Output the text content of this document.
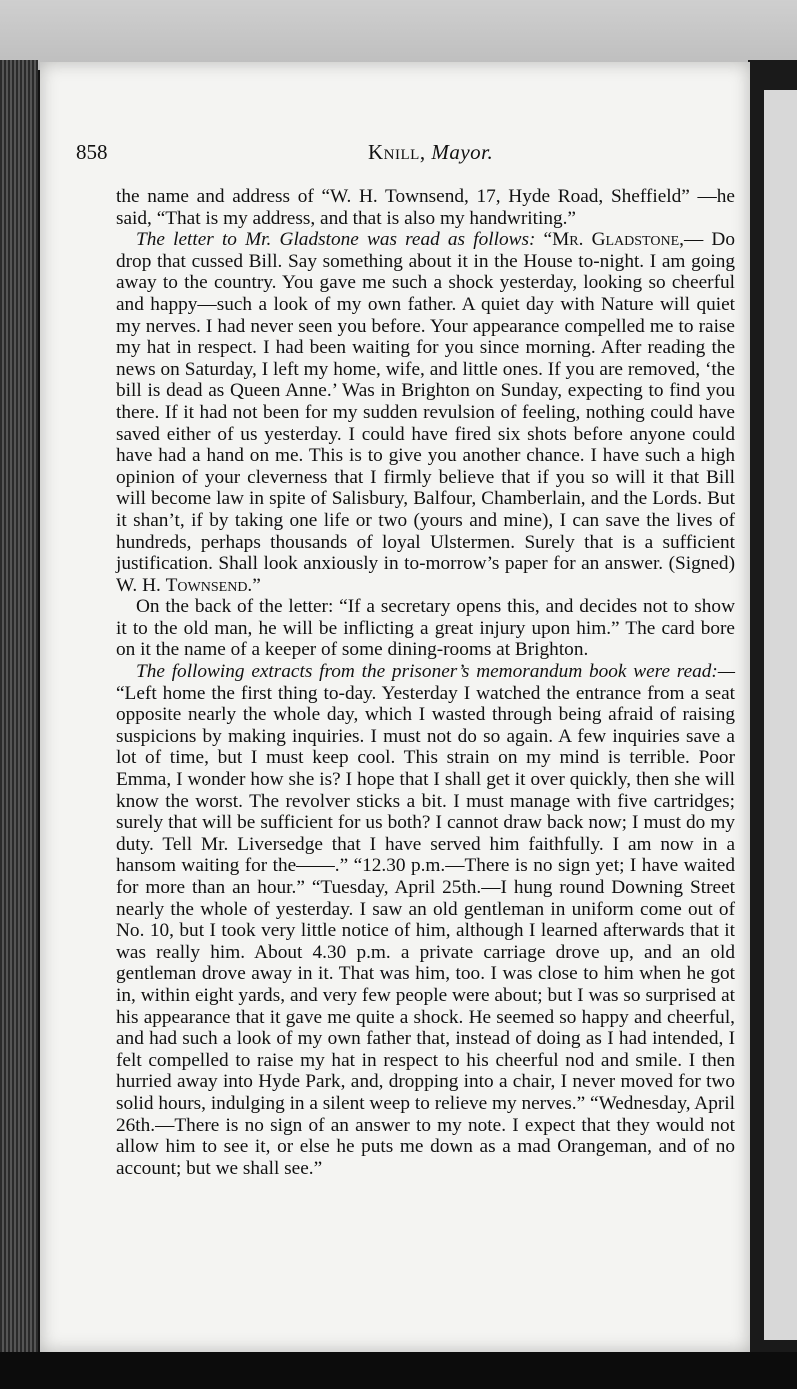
858	Knill, Mayor.

the name and address of “W. H. Townsend, 17, Hyde Road, Sheffield” —he said, “That is my address, and that is also my handwriting.”

The letter to Mr. Gladstone was read as follows: “Mr. Gladstone,— Do drop that cussed Bill. Say something about it in the House to-night. I am going away to the country. You gave me such a shock yesterday, looking so cheerful and happy—such a look of my own father. A quiet day with Nature will quiet my nerves. I had never seen you before. Your appearance compelled me to raise my hat in respect. I had been waiting for you since morning. After reading the news on Saturday, I left my home, wife, and little ones. If you are removed, ‘the bill is dead as Queen Anne.’ Was in Brighton on Sunday, expecting to find you there. If it had not been for my sudden revulsion of feeling, nothing could have saved either of us yesterday. I could have fired six shots before anyone could have had a hand on me. This is to give you another chance. I have such a high opinion of your cleverness that I firmly believe that if you so will it that Bill will become law in spite of Salisbury, Balfour, Chamberlain, and the Lords. But it shan’t, if by taking one life or two (yours and mine), I can save the lives of hundreds, perhaps thousands of loyal Ulstermen. Surely that is a sufficient justification. Shall look anxiously in to-morrow’s paper for an answer. (Signed) W. H. Townsend.”

On the back of the letter: “If a secretary opens this, and decides not to show it to the old man, he will be inflicting a great injury upon him.” The card bore on it the name of a keeper of some dining-rooms at Brighton.

The following extracts from the prisoner’s memorandum book were read:— “Left home the first thing to-day. Yesterday I watched the entrance from a seat opposite nearly the whole day, which I wasted through being afraid of raising suspicions by making inquiries. I must not do so again. A few inquiries save a lot of time, but I must keep cool. This strain on my mind is terrible. Poor Emma, I wonder how she is? I hope that I shall get it over quickly, then she will know the worst. The revolver sticks a bit. I must manage with five cartridges; surely that will be sufficient for us both? I cannot draw back now; I must do my duty. Tell Mr. Liversedge that I have served him faithfully. I am now in a hansom waiting for the——.” “12.30 p.m.—There is no sign yet; I have waited for more than an hour.” “Tuesday, April 25th.—I hung round Downing Street nearly the whole of yesterday. I saw an old gentleman in uniform come out of No. 10, but I took very little notice of him, although I learned afterwards that it was really him. About 4.30 p.m. a private carriage drove up, and an old gentleman drove away in it. That was him, too. I was close to him when he got in, within eight yards, and very few people were about; but I was so surprised at his appearance that it gave me quite a shock. He seemed so happy and cheerful, and had such a look of my own father that, instead of doing as I had intended, I felt compelled to raise my hat in respect to his cheerful nod and smile. I then hurried away into Hyde Park, and, dropping into a chair, I never moved for two solid hours, indulging in a silent weep to relieve my nerves.” “Wednesday, April 26th.—There is no sign of an answer to my note. I expect that they would not allow him to see it, or else he puts me down as a mad Orangeman, and of no account; but we shall see.”
